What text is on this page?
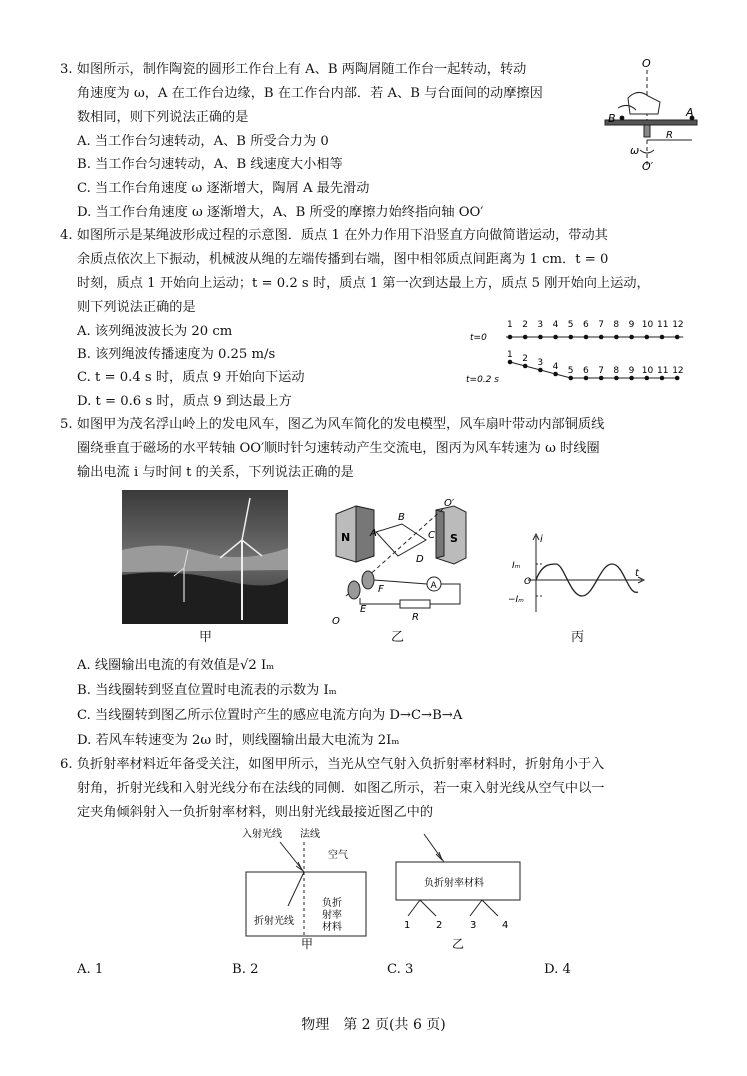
3. 如图所示，制作陶瓷的圆形工作台上有 A、B 两陶屑随工作台一起转动，转动
角速度为 ω，A 在工作台边缘，B 在工作台内部．若 A、B 与台面间的动摩擦因
数相同，则下列说法正确的是
A. 当工作台匀速转动，A、B 所受合力为 0
B. 当工作台匀速转动，A、B 线速度大小相等
C. 当工作台角速度 ω 逐渐增大，陶屑 A 最先滑动
D. 当工作台角速度 ω 逐渐增大，A、B 所受的摩擦力始终指向轴 OO′
O
B	A
R
ω
O′
4. 如图所示是某绳波形成过程的示意图．质点 1 在外力作用下沿竖直方向做简谐运动，带动其
余质点依次上下振动，机械波从绳的左端传播到右端，图中相邻质点间距离为 1 cm．t = 0
时刻，质点 1 开始向上运动；t = 0.2 s 时，质点 1 第一次到达最上方，质点 5 刚开始向上运动，
则下列说法正确的是
A. 该列绳波波长为 20 cm
B. 该列绳波传播速度为 0.25 m/s
C. t = 0.4 s 时，质点 9 开始向下运动
D. t = 0.6 s 时，质点 9 到达最上方
t=0
1 2 3 4 5 6 7 8 9 10 11 12
1 2 3 4 5 6 7 8 9 10 11 12
t=0.2 s
5. 如图甲为茂名浮山岭上的发电风车，图乙为风车简化的发电模型，风车扇叶带动内部铜质线
圈绕垂直于磁场的水平转轴 OO′顺时针匀速转动产生交流电，图丙为风车转速为 ω 时线圈
输出电流 i 与时间 t 的关系，下列说法正确的是
甲
N	S
O′
A
B
C
D
F
E
O
A
R
乙
i
t
Iₘ
O
−Iₘ
丙
A. 线圈输出电流的有效值是√2 Iₘ
B. 当线圈转到竖直位置时电流表的示数为 Iₘ
C. 当线圈转到图乙所示位置时产生的感应电流方向为 D→C→B→A
D. 若风车转速变为 2ω 时，则线圈输出最大电流为 2Iₘ
6. 负折射率材料近年备受关注，如图甲所示，当光从空气射入负折射率材料时，折射角小于入
射角，折射光线和入射光线分布在法线的同侧．如图乙所示，若一束入射光线从空气中以一
定夹角倾斜射入一负折射率材料，则出射光线最接近图乙中的
入射光线 法线
空气
折射光线
负折
射率
材料
甲
负折射率材料
1	2	3	4
乙
A. 1	B. 2	C. 3	D. 4
物理　第 2 页(共 6 页)
